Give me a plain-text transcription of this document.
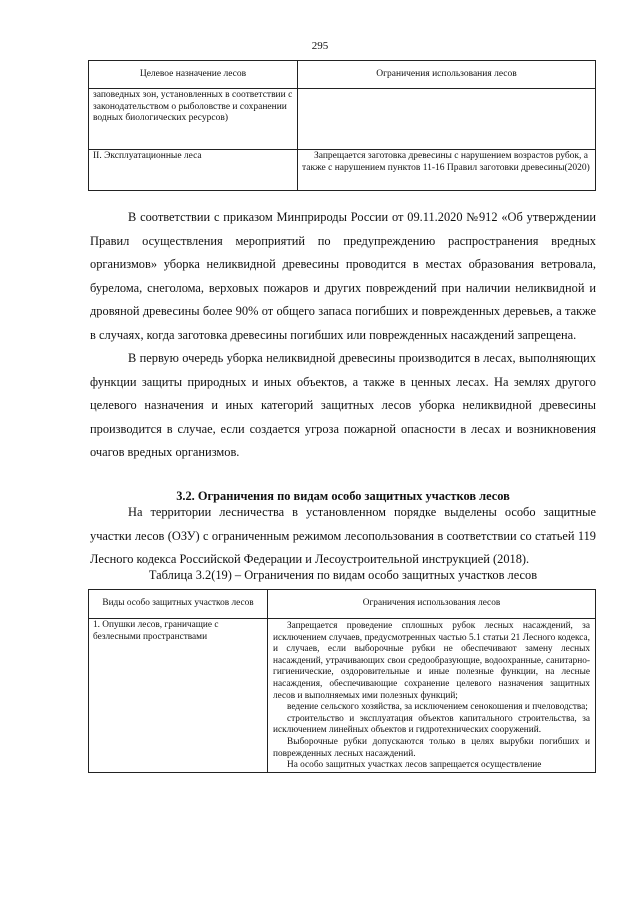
295
Целевое назначение лесов	Ограничения использования лесов
заповедных зон, установленных в соответствии с законодательством о рыболовстве и сохранении водных биологических ресурсов)	
II. Эксплуатационные леса	Запрещается заготовка древесины с нарушением возрастов рубок, а также с нарушением пунктов 11-16 Правил заготовки древесины(2020)

В соответствии с приказом Минприроды России от 09.11.2020 №912 «Об утверждении Правил осуществления мероприятий по предупреждению распространения вредных организмов» уборка неликвидной древесины проводится в местах образования ветровала, бурелома, снеголома, верховых пожаров и других повреждений при наличии неликвидной и дровяной древесины более 90% от общего запаса погибших и поврежденных деревьев, а также в случаях, когда заготовка древесины погибших или поврежденных насаждений запрещена.

В первую очередь уборка неликвидной древесины производится в лесах, выполняющих функции защиты природных и иных объектов, а также в ценных лесах. На землях другого целевого назначения и иных категорий защитных лесов уборка неликвидной древесины производится в случае, если создается угроза пожарной опасности в лесах и возникновения очагов вредных организмов.

3.2. Ограничения по видам особо защитных участков лесов

На территории лесничества в установленном порядке выделены особо защитные участки лесов (ОЗУ) с ограниченным режимом лесопользования в соответствии со статьей 119 Лесного кодекса Российской Федерации и Лесоустроительной инструкцией (2018).

Таблица 3.2(19) – Ограничения по видам особо защитных участков лесов
Виды особо защитных участков лесов	Ограничения использования лесов
1. Опушки лесов, граничащие с безлесными пространствами	Запрещается проведение сплошных рубок лесных насаждений, за исключением случаев, предусмотренных частью 5.1 статьи 21 Лесного кодекса, и случаев, если выборочные рубки не обеспечивают замену лесных насаждений, утрачивающих свои средообразующие, водоохранные, санитарно-гигиенические, оздоровительные и иные полезные функции, на лесные насаждения, обеспечивающие сохранение целевого назначения защитных лесов и выполняемых ими полезных функций;

ведение сельского хозяйства, за исключением сенокошения и пчеловодства;

строительство и эксплуатация объектов капитального строительства, за исключением линейных объектов и гидротехнических сооружений.

Выборочные рубки допускаются только в целях вырубки погибших и поврежденных лесных насаждений.

На особо защитных участках лесов запрещается осуществление
